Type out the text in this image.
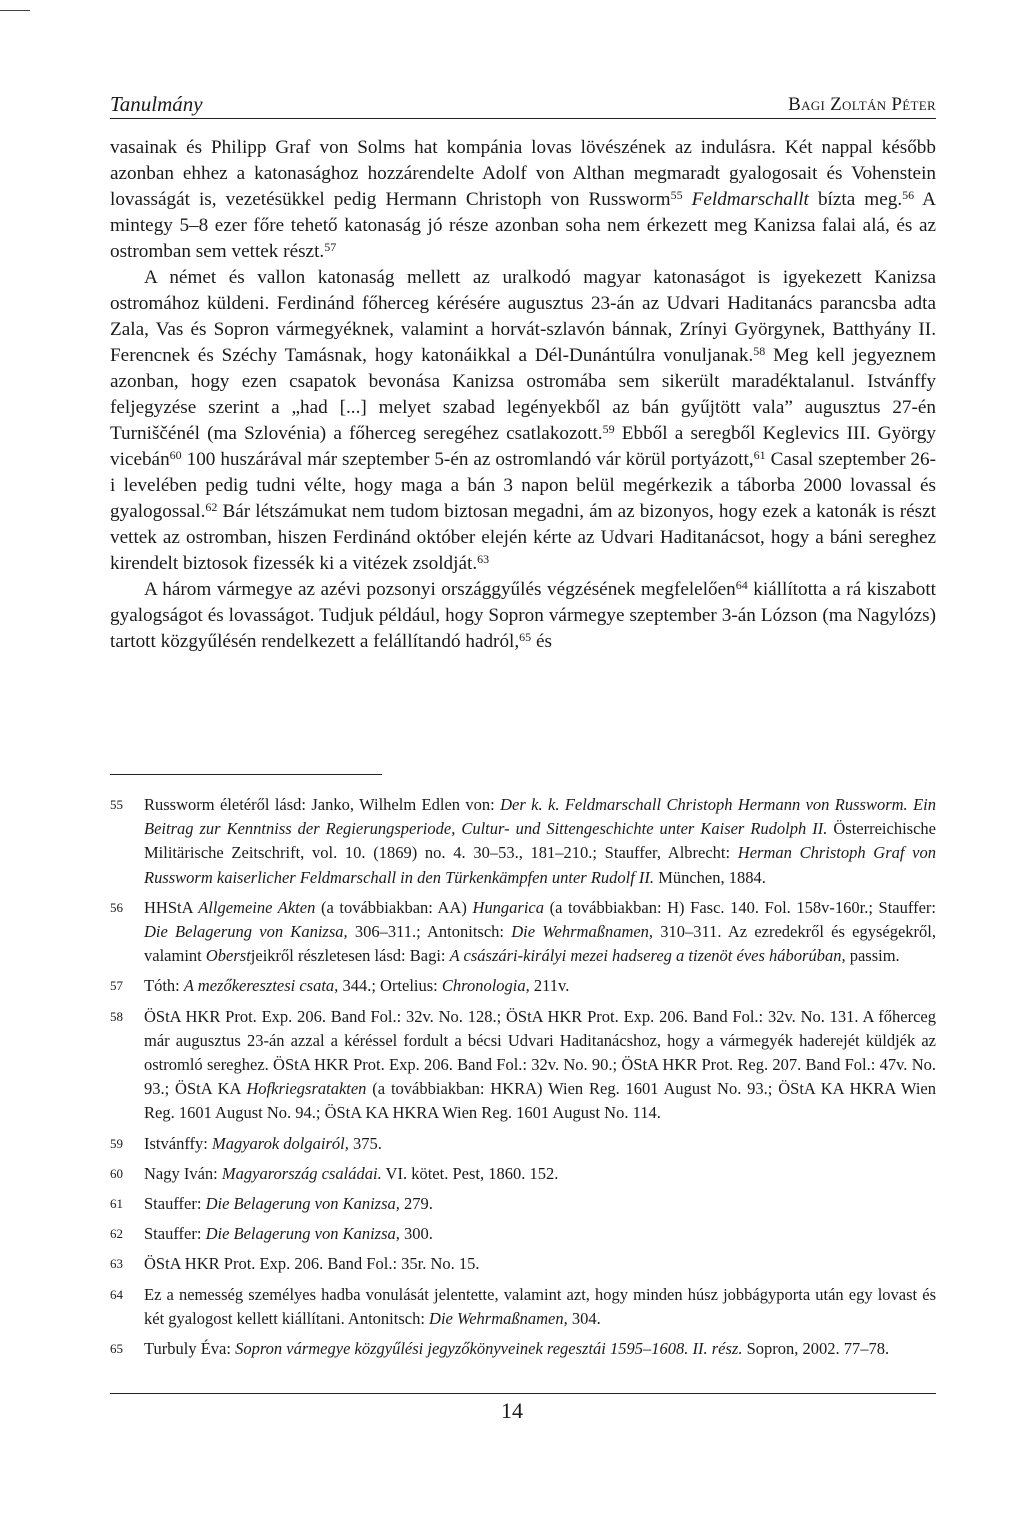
Tanulmány	Bagi Zoltán Péter

vasainak és Philipp Graf von Solms hat kompánia lovas lövészének az indulásra. Két nappal később azonban ehhez a katonasághoz hozzárendelte Adolf von Althan megmaradt gyalogosait és Vohenstein lovasságát is, vezetésükkel pedig Hermann Christoph von Russworm$^{55}$ Feldmarschallt bízta meg.$^{56}$ A mintegy 5–8 ezer főre tehető katonaság jó része azonban soha nem érkezett meg Kanizsa falai alá, és az ostromban sem vettek részt.$^{57}$

A német és vallon katonaság mellett az uralkodó magyar katonaságot is igyekezett Kanizsa ostromához küldeni. Ferdinánd főherceg kérésére augusztus 23-án az Udvari Haditanács parancsba adta Zala, Vas és Sopron vármegyéknek, valamint a horvát-szlavón bánnak, Zrínyi Györgynek, Batthyány II. Ferencnek és Széchy Tamásnak, hogy katonáikkal a Dél-Dunántúlra vonuljanak.$^{58}$ Meg kell jegyeznem azonban, hogy ezen csapatok bevonása Kanizsa ostromába sem sikerült maradéktalanul. Istvánffy feljegyzése szerint a „had [...] melyet szabad legényekből az bán gyűjtött vala” augusztus 27-én Turniščénél (ma Szlovénia) a főherceg seregéhez csatlakozott.$^{59}$ Ebből a seregből Keglevics III. György vicebán$^{60}$ 100 huszárával már szeptember 5-én az ostromlandó vár körül portyázott,$^{61}$ Casal szeptember 26-i levelében pedig tudni vélte, hogy maga a bán 3 napon belül megérkezik a táborba 2000 lovassal és gyalogossal.$^{62}$ Bár létszámukat nem tudom biztosan megadni, ám az bizonyos, hogy ezek a katonák is részt vettek az ostromban, hiszen Ferdinánd október elején kérte az Udvari Haditanácsot, hogy a báni sereghez kirendelt biztosok fizessék ki a vitézek zsoldját.$^{63}$

A három vármegye az azévi pozsonyi országgyűlés végzésének megfelelően$^{64}$ kiállította a rá kiszabott gyalogságot és lovasságot. Tudjuk például, hogy Sopron vármegye szeptember 3-án Lózson (ma Nagylózs) tartott közgyűlésén rendelkezett a felállítandó hadról,$^{65}$ és

55 Russworm életéről lásd: Janko, Wilhelm Edlen von: Der k. k. Feldmarschall Christoph Hermann von Russworm. Ein Beitrag zur Kenntniss der Regierungsperiode, Cultur- und Sittengeschichte unter Kaiser Rudolph II. Österreichische Militärische Zeitschrift, vol. 10. (1869) no. 4. 30–53., 181–210.; Stauffer, Albrecht: Herman Christoph Graf von Russworm kaiserlicher Feldmarschall in den Türkenkämpfen unter Rudolf II. München, 1884.
56 HHStA Allgemeine Akten (a továbbiakban: AA) Hungarica (a továbbiakban: H) Fasc. 140. Fol. 158v-160r.; Stauffer: Die Belagerung von Kanizsa, 306–311.; Antonitsch: Die Wehrmaßnamen, 310–311. Az ezredekről és egységekről, valamint Oberstjeikről részletesen lásd: Bagi: A császári-királyi mezei hadsereg a tizenöt éves háborúban, passim.
57 Tóth: A mezőkeresztesi csata, 344.; Ortelius: Chronologia, 211v.
58 ÖStA HKR Prot. Exp. 206. Band Fol.: 32v. No. 128.; ÖStA HKR Prot. Exp. 206. Band Fol.: 32v. No. 131. A főherceg már augusztus 23-án azzal a kéréssel fordult a bécsi Udvari Haditanácshoz, hogy a vármegyék haderejét küldjék az ostromló sereghez. ÖStA HKR Prot. Exp. 206. Band Fol.: 32v. No. 90.; ÖStA HKR Prot. Reg. 207. Band Fol.: 47v. No. 93.; ÖStA KA Hofkriegsratakten (a továbbiakban: HKRA) Wien Reg. 1601 August No. 93.; ÖStA KA HKRA Wien Reg. 1601 August No. 94.; ÖStA KA HKRA Wien Reg. 1601 August No. 114.
59 Istvánffy: Magyarok dolgairól, 375.
60 Nagy Iván: Magyarország családai. VI. kötet. Pest, 1860. 152.
61 Stauffer: Die Belagerung von Kanizsa, 279.
62 Stauffer: Die Belagerung von Kanizsa, 300.
63 ÖStA HKR Prot. Exp. 206. Band Fol.: 35r. No. 15.
64 Ez a nemesség személyes hadba vonulását jelentette, valamint azt, hogy minden húsz jobbágyporta után egy lovast és két gyalogost kellett kiállítani. Antonitsch: Die Wehrmaßnamen, 304.
65 Turbuly Éva: Sopron vármegye közgyűlési jegyzőkönyveinek regesztái 1595–1608. II. rész. Sopron, 2002. 77–78.
14
